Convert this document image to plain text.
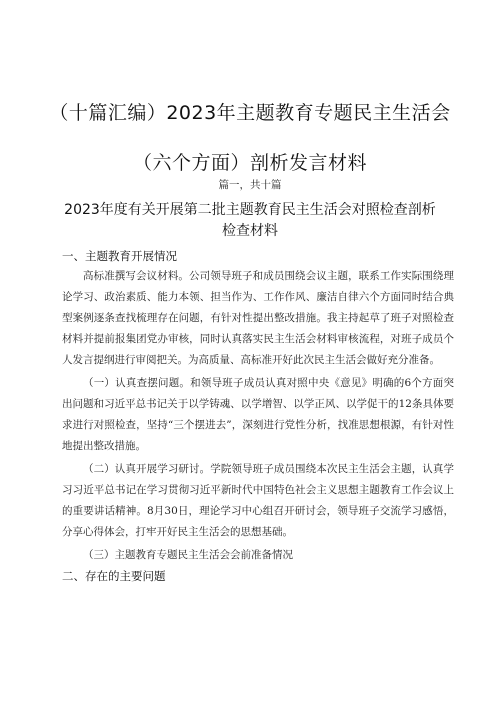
（十篇汇编）2023年主题教育专题民主生活会（六个方面）剖析发言材料
篇一，共十篇
2023年度有关开展第二批主题教育民主生活会对照检查剖析检查材料
一、主题教育开展情况

高标准撰写会议材料。公司领导班子和成员围绕会议主题，联系工作实际围绕理论学习、政治素质、能力本领、担当作为、工作作风、廉洁自律六个方面同时结合典型案例逐条查找梳理存在问题，有针对性提出整改措施。我主持起草了班子对照检查材料并提前报集团党办审核，同时认真落实民主生活会材料审核流程，对班子成员个人发言提纲进行审阅把关。为高质量、高标准开好此次民主生活会做好充分准备。

（一）认真查摆问题。和领导班子成员认真对照中央《意见》明确的6个方面突出问题和习近平总书记关于以学铸魂、以学增智、以学正风、以学促干的12条具体要求进行对照检查，坚持“三个摆进去”，深刻进行党性分析，找准思想根源，有针对性地提出整改措施。

（二）认真开展学习研讨。学院领导班子成员围绕本次民主生活会主题，认真学习习近平总书记在学习贯彻习近平新时代中国特色社会主义思想主题教育工作会议上的重要讲话精神。8月30日，理论学习中心组召开研讨会，领导班子交流学习感悟，分享心得体会，打牢开好民主生活会的思想基础。

（三）主题教育专题民主生活会会前准备情况

二、存在的主要问题
